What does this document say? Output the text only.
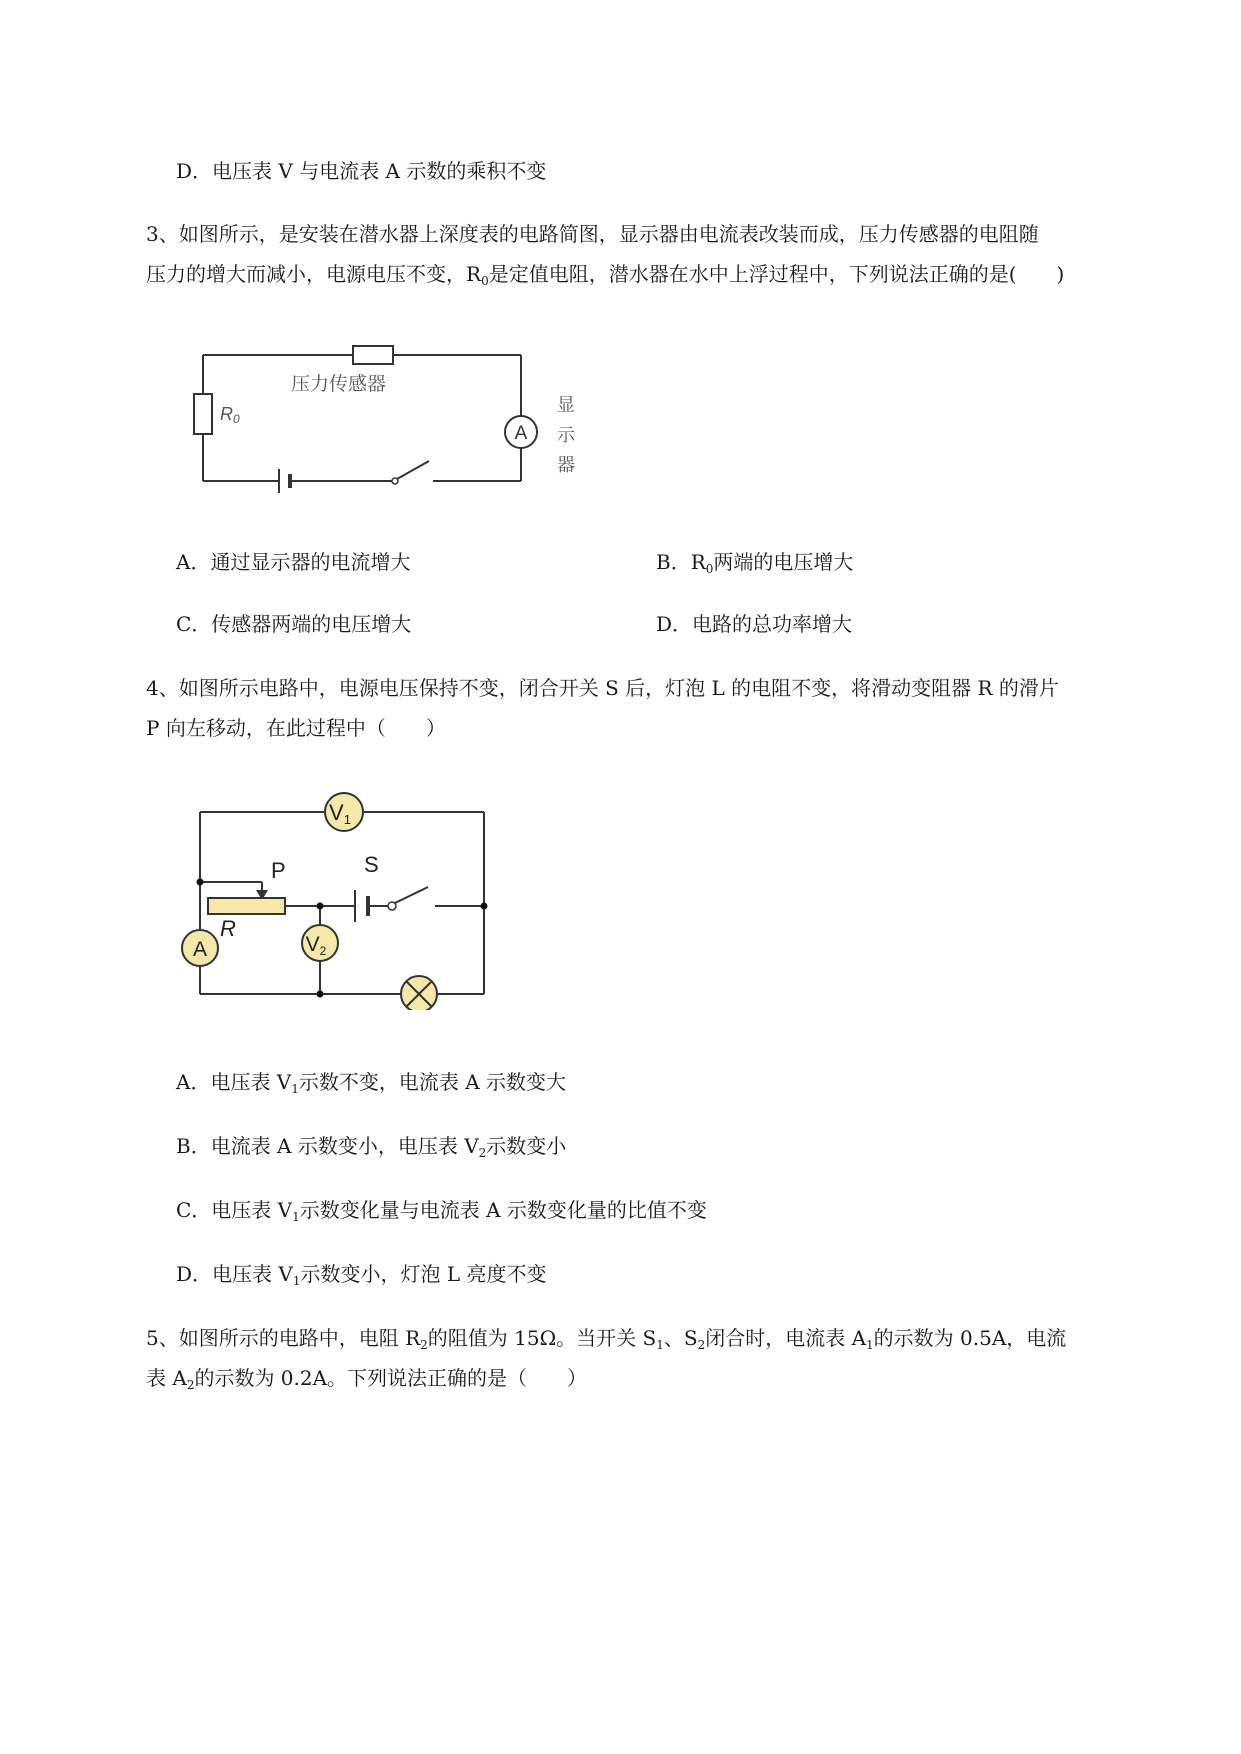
D．电压表 V 与电流表 A 示数的乘积不变

3、如图所示，是安装在潜水器上深度表的电路简图，显示器由电流表改装而成，压力传感器的电阻随

压力的增大而减小，电源电压不变，$R_0$是定值电阻，潜水器在水中上浮过程中，下列说法正确的是(　　)

压力传感器
R0
A
显
示
器
A．通过显示器的电流增大	B．$R_0$两端的电压增大
C．传感器两端的电压增大	D．电路的总功率增大

4、如图所示电路中，电源电压保持不变，闭合开关 S 后，灯泡 L 的电阻不变，将滑动变阻器 R 的滑片

P 向左移动，在此过程中（　　）

V1
V2
A
P
R
S
A．电压表 $V_1$示数不变，电流表 A 示数变大
B．电流表 A 示数变小，电压表 $V_2$示数变小
C．电压表 $V_1$示数变化量与电流表 A 示数变化量的比值不变
D．电压表 $V_1$示数变小，灯泡 L 亮度不变

5、如图所示的电路中，电阻 $R_2$的阻值为 15Ω。当开关 $S_1$、$S_2$闭合时，电流表 $A_1$的示数为 0.5A，电流

表 $A_2$的示数为 0.2A。下列说法正确的是（　　）
